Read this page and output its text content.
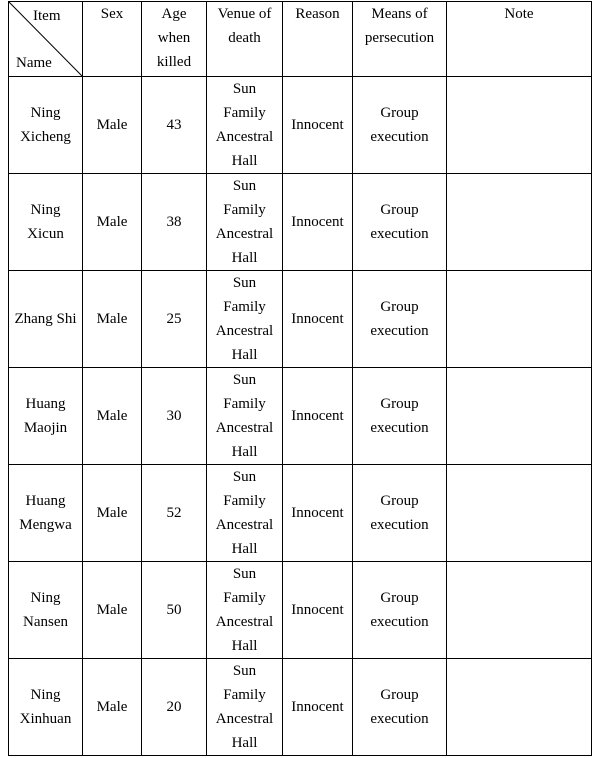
Item
Name	Sex	Age when killed	Venue of death	Reason	Means of persecution	Note
Ning Xicheng	Male	43	Sun Family Ancestral Hall	Innocent	Group execution	
Ning Xicun	Male	38	Sun Family Ancestral Hall	Innocent	Group execution	
Zhang Shi	Male	25	Sun Family Ancestral Hall	Innocent	Group execution	
Huang Maojin	Male	30	Sun Family Ancestral Hall	Innocent	Group execution	
Huang Mengwa	Male	52	Sun Family Ancestral Hall	Innocent	Group execution	
Ning Nansen	Male	50	Sun Family Ancestral Hall	Innocent	Group execution	
Ning Xinhuan	Male	20	Sun Family Ancestral Hall	Innocent	Group execution	
